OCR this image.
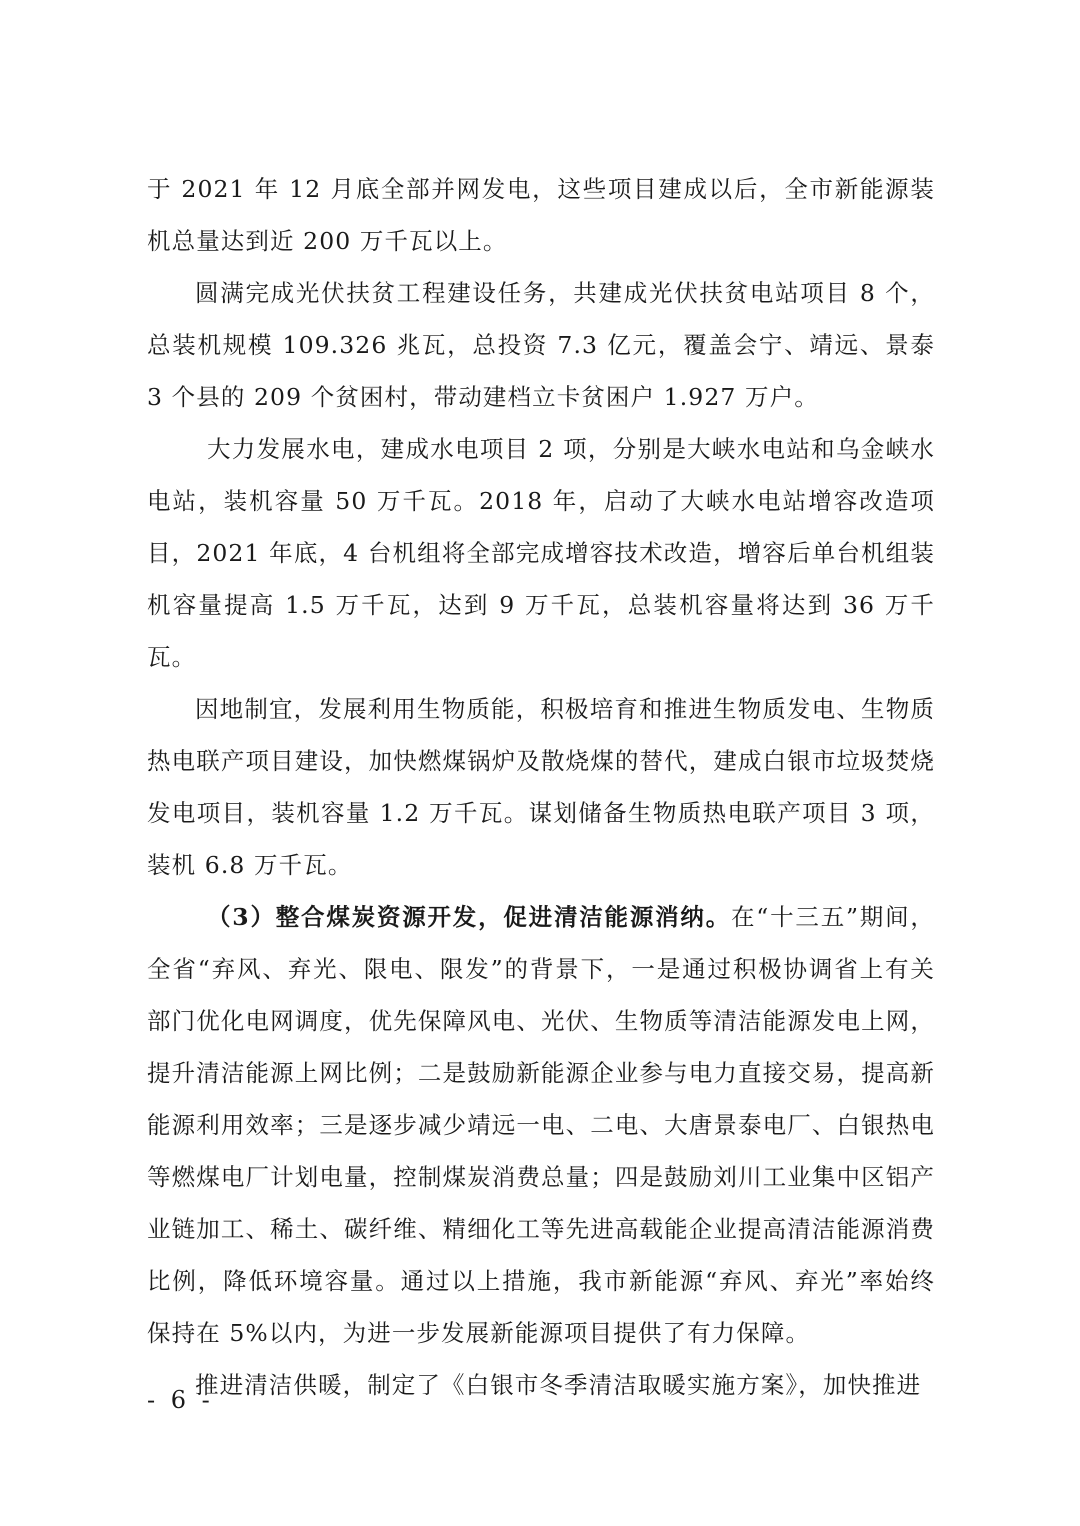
于 2021 年 12 月底全部并网发电，这些项目建成以后，全市新能源装机总量达到近 200 万千瓦以上。

圆满完成光伏扶贫工程建设任务，共建成光伏扶贫电站项目 8 个，总装机规模 109.326 兆瓦，总投资 7.3 亿元，覆盖会宁、靖远、景泰 3 个县的 209 个贫困村，带动建档立卡贫困户 1.927 万户。

大力发展水电，建成水电项目 2 项，分别是大峡水电站和乌金峡水电站，装机容量 50 万千瓦。2018 年，启动了大峡水电站增容改造项目，2021 年底，4 台机组将全部完成增容技术改造，增容后单台机组装机容量提高 1.5 万千瓦，达到 9 万千瓦，总装机容量将达到 36 万千瓦。

因地制宜，发展利用生物质能，积极培育和推进生物质发电、生物质热电联产项目建设，加快燃煤锅炉及散烧煤的替代，建成白银市垃圾焚烧发电项目，装机容量 1.2 万千瓦。谋划储备生物质热电联产项目 3 项，装机 6.8 万千瓦。

（3）整合煤炭资源开发，促进清洁能源消纳。在“十三五”期间，全省“弃风、弃光、限电、限发”的背景下，一是通过积极协调省上有关部门优化电网调度，优先保障风电、光伏、生物质等清洁能源发电上网，提升清洁能源上网比例；二是鼓励新能源企业参与电力直接交易，提高新能源利用效率；三是逐步减少靖远一电、二电、大唐景泰电厂、白银热电等燃煤电厂计划电量，控制煤炭消费总量；四是鼓励刘川工业集中区铝产业链加工、稀土、碳纤维、精细化工等先进高载能企业提高清洁能源消费比例，降低环境容量。通过以上措施，我市新能源“弃风、弃光”率始终保持在 5%以内，为进一步发展新能源项目提供了有力保障。

推进清洁供暖，制定了《白银市冬季清洁取暖实施方案》，加快推进

- 6 -
